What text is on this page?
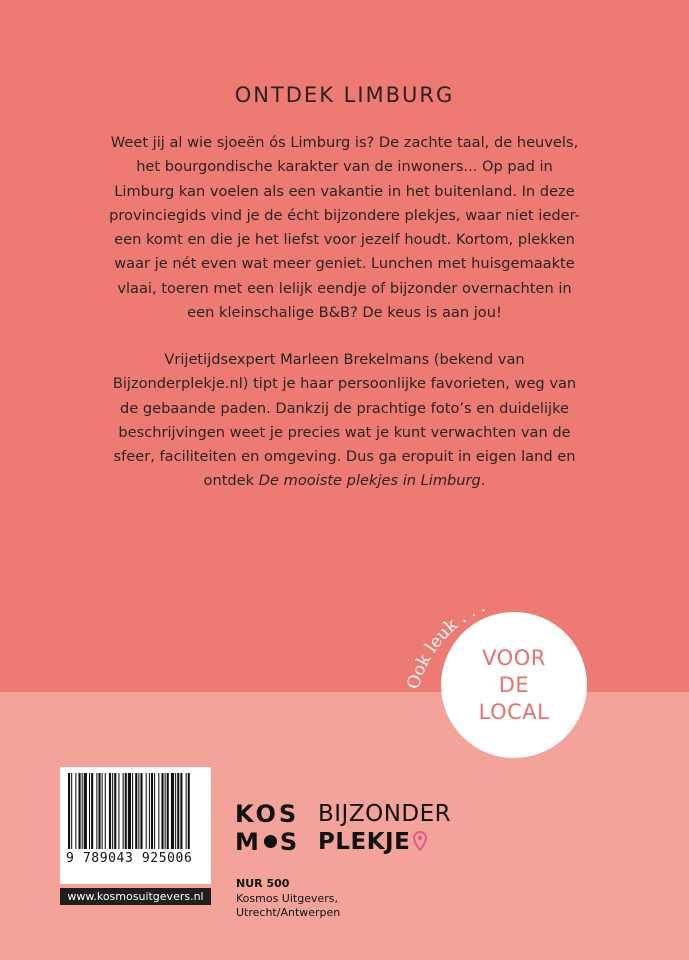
ONTDEK LIMBURG

Weet jij al wie sjoeën ós Limburg is? De zachte taal, de heuvels,
het bourgondische karakter van de inwoners... Op pad in
Limburg kan voelen als een vakantie in het buitenland. In deze
provinciegids vind je de écht bijzondere plekjes, waar niet ieder-
een komt en die je het liefst voor jezelf houdt. Kortom, plekken
waar je nét even wat meer geniet. Lunchen met huisgemaakte
vlaai, toeren met een lelijk eendje of bijzonder overnachten in
een kleinschalige B&B? De keus is aan jou!

Vrijetijdsexpert Marleen Brekelmans (bekend van
Bijzonderplekje.nl) tipt je haar persoonlijke favorieten, weg van
de gebaande paden. Dankzij de prachtige foto’s en duidelijke
beschrijvingen weet je precies wat je kunt verwachten van de
sfeer, faciliteiten en omgeving. Dus ga eropuit in eigen land en
ontdek De mooiste plekjes in Limburg.

Ook leuk . . .
VOOR
DE
LOCAL
9 789043 925006
www.kosmosuitgevers.nl
KOS
M S
BIJZONDER
PLEKJE
NUR 500
Kosmos Uitgevers,
Utrecht/Antwerpen
